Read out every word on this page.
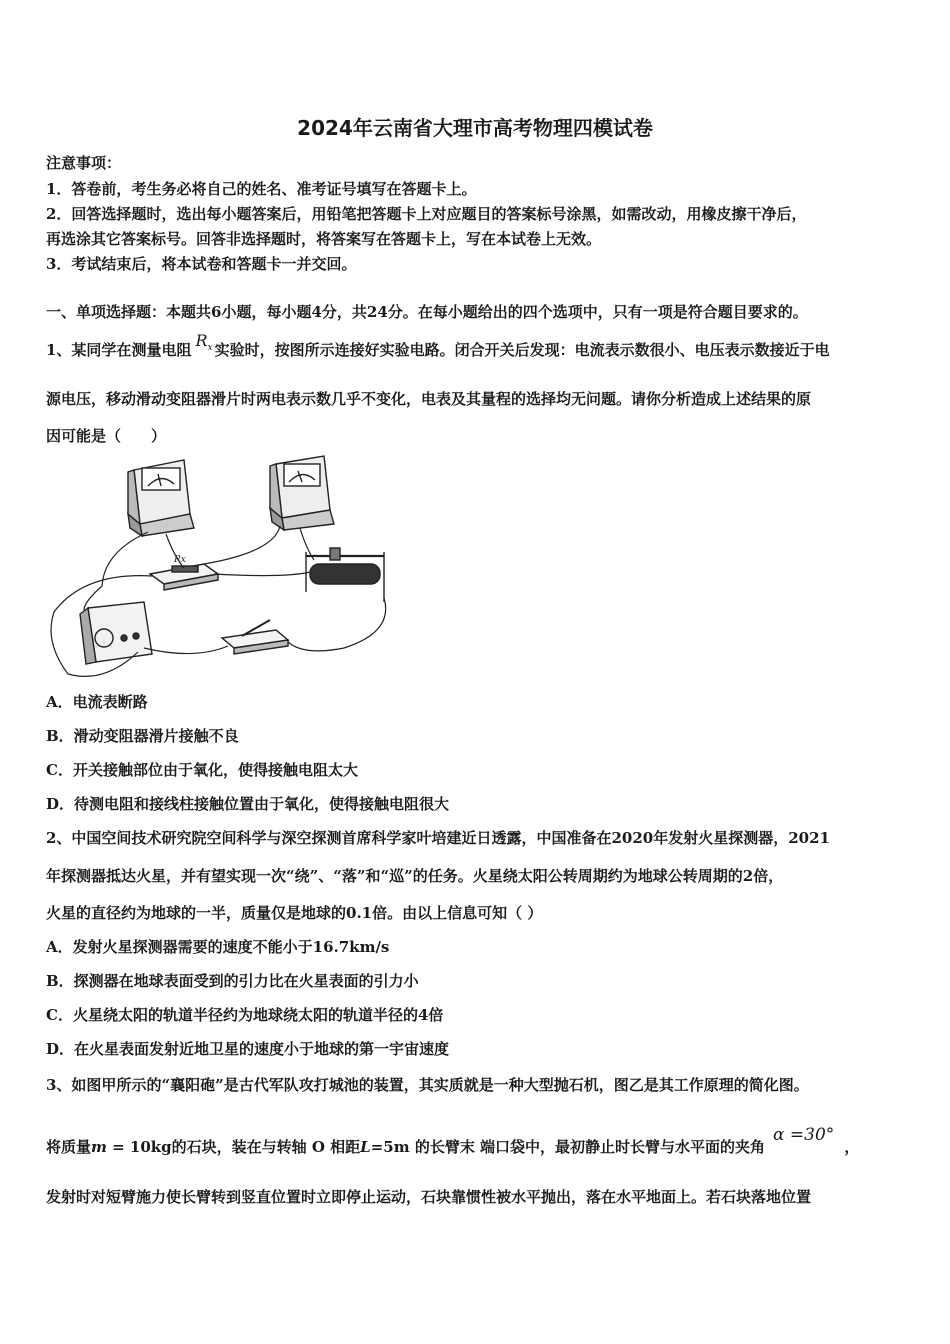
2024年云南省大理市高考物理四模试卷
注意事项：
1．答卷前，考生务必将自己的姓名、准考证号填写在答题卡上。
2．回答选择题时，选出每小题答案后，用铅笔把答题卡上对应题目的答案标号涂黑，如需改动，用橡皮擦干净后，
再选涂其它答案标号。回答非选择题时，将答案写在答题卡上，写在本试卷上无效。
3．考试结束后，将本试卷和答题卡一并交回。
一、单项选择题：本题共6小题，每小题4分，共24分。在每小题给出的四个选项中，只有一项是符合题目要求的。
1、某同学在测量电阻 $R_x$ 实验时，按图所示连接好实验电路。闭合开关后发现：电流表示数很小、电压表示数接近于电
源电压，移动滑动变阻器滑片时两电表示数几乎不变化，电表及其量程的选择均无问题。请你分析造成上述结果的原
因可能是（　　）
Rx
A．电流表断路
B．滑动变阻器滑片接触不良
C．开关接触部位由于氧化，使得接触电阻太大
D．待测电阻和接线柱接触位置由于氧化，使得接触电阻很大
2、中国空间技术研究院空间科学与深空探测首席科学家叶培建近日透露，中国准备在2020年发射火星探测器，2021
年探测器抵达火星，并有望实现一次“绕”、“落”和“巡”的任务。火星绕太阳公转周期约为地球公转周期的2倍，
火星的直径约为地球的一半，质量仅是地球的0.1倍。由以上信息可知（ ）
A．发射火星探测器需要的速度不能小于16.7km/s
B．探测器在地球表面受到的引力比在火星表面的引力小
C．火星绕太阳的轨道半径约为地球绕太阳的轨道半径的4倍
D．在火星表面发射近地卫星的速度小于地球的第一宇宙速度
3、如图甲所示的“襄阳砲”是古代军队攻打城池的装置，其实质就是一种大型抛石机，图乙是其工作原理的简化图。
将质量m = 10kg的石块，装在与转轴 O 相距L=5m 的长臂末 端口袋中，最初静止时长臂与水平面的夹角α =30°，
发射时对短臂施力使长臂转到竖直位置时立即停止运动，石块靠惯性被水平抛出，落在水平地面上。若石块落地位置
